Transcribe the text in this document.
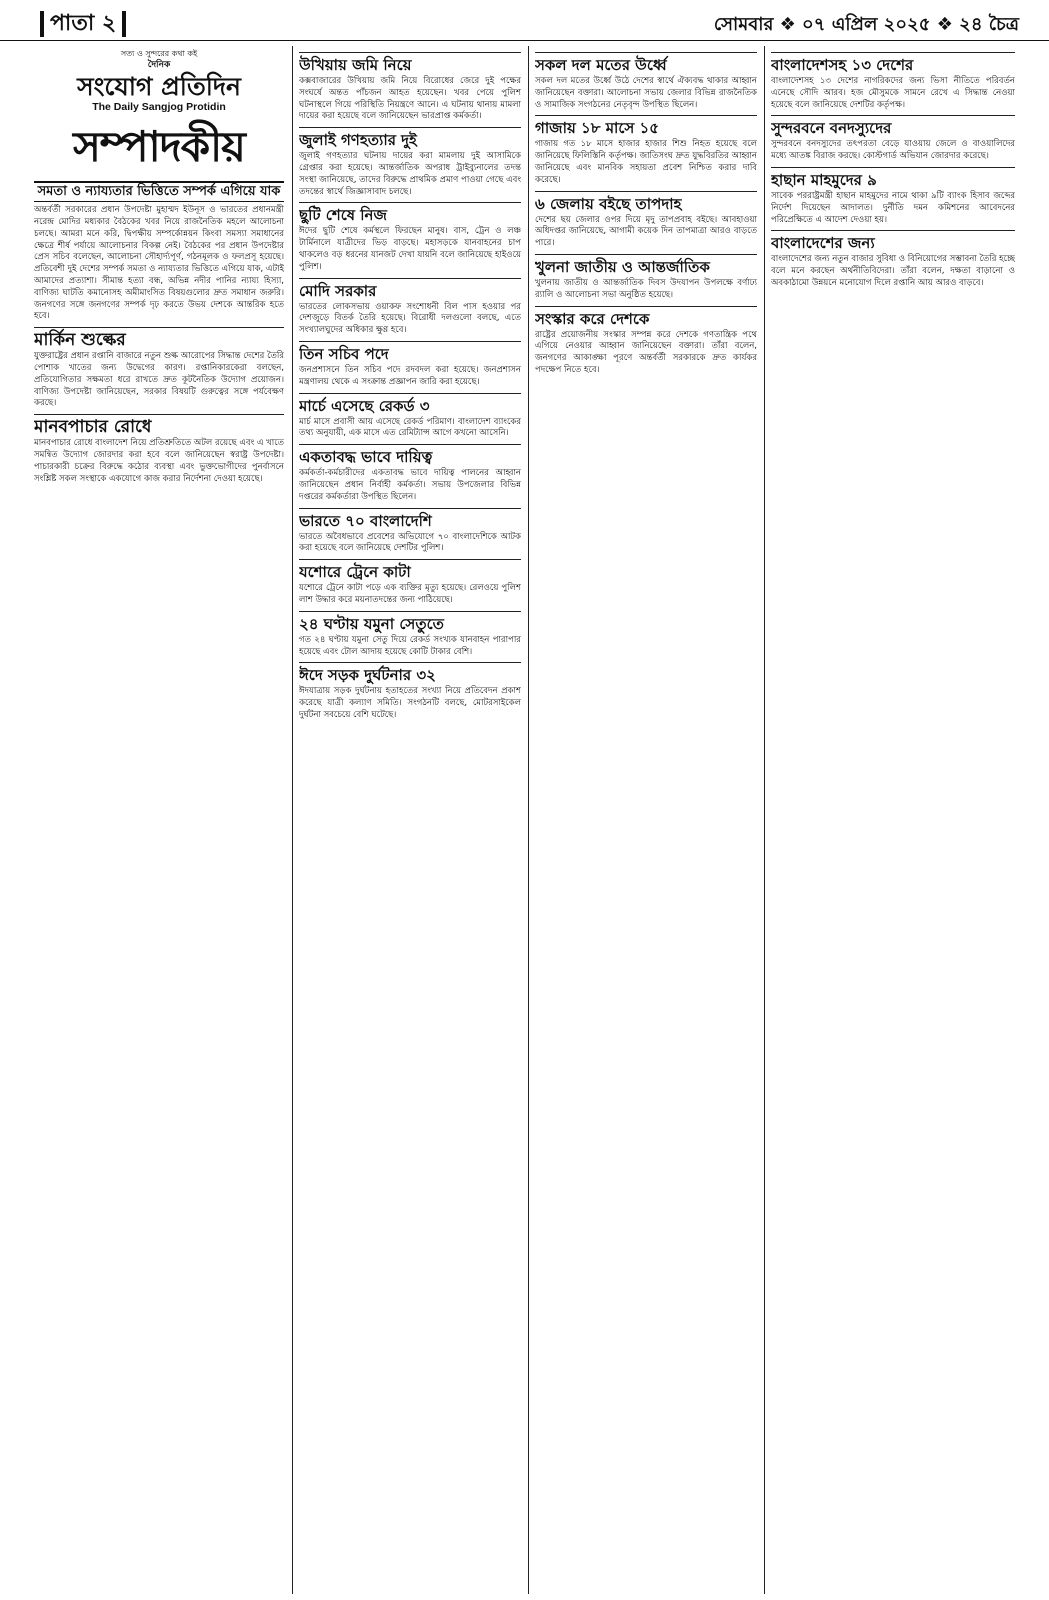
পাতা ২	সোমবার ❖ ০৭ এপ্রিল ২০২৫ ❖ ২৪ চৈত্র
সত্য ও সুন্দরের কথা কই
দৈনিক
সংযোগ প্রতিদিন
The Daily Sangjog Protidin
সম্পাদকীয়
সমতা ও ন্যায্যতার ভিত্তিতে সম্পর্ক এগিয়ে যাক

অন্তর্বর্তী সরকারের প্রধান উপদেষ্টা মুহাম্মদ ইউনূস ও ভারতের প্রধানমন্ত্রী নরেন্দ্র মোদির মধ্যকার বৈঠকের খবর নিয়ে রাজনৈতিক মহলে আলোচনা চলছে। আমরা মনে করি, দ্বিপক্ষীয় সম্পর্কোন্নয়ন কিংবা সমস্যা সমাধানের ক্ষেত্রে শীর্ষ পর্যায়ে আলোচনার বিকল্প নেই। বৈঠকের পর প্রধান উপদেষ্টার প্রেস সচিব বলেছেন, আলোচনা সৌহার্দ্যপূর্ণ, গঠনমূলক ও ফলপ্রসূ হয়েছে। প্রতিবেশী দুই দেশের সম্পর্ক সমতা ও ন্যায্যতার ভিত্তিতে এগিয়ে যাক, এটাই আমাদের প্রত্যাশা। সীমান্ত হত্যা বন্ধ, অভিন্ন নদীর পানির ন্যায্য হিস্যা, বাণিজ্য ঘাটতি কমানোসহ অমীমাংসিত বিষয়গুলোর দ্রুত সমাধান জরুরি। জনগণের সঙ্গে জনগণের সম্পর্ক দৃঢ় করতে উভয় দেশকে আন্তরিক হতে হবে।

মার্কিন শুল্কের

যুক্তরাষ্ট্রের প্রধান রপ্তানি বাজারে নতুন শুল্ক আরোপের সিদ্ধান্ত দেশের তৈরি পোশাক খাতের জন্য উদ্বেগের কারণ। রপ্তানিকারকেরা বলছেন, প্রতিযোগিতার সক্ষমতা ধরে রাখতে দ্রুত কূটনৈতিক উদ্যোগ প্রয়োজন। বাণিজ্য উপদেষ্টা জানিয়েছেন, সরকার বিষয়টি গুরুত্বের সঙ্গে পর্যবেক্ষণ করছে।

মানবপাচার রোধে

মানবপাচার রোধে বাংলাদেশ নিয়ে প্রতিশ্রুতিতে অটল রয়েছে এবং এ খাতে সমন্বিত উদ্যোগ জোরদার করা হবে বলে জানিয়েছেন স্বরাষ্ট্র উপদেষ্টা। পাচারকারী চক্রের বিরুদ্ধে কঠোর ব্যবস্থা এবং ভুক্তভোগীদের পুনর্বাসনে সংশ্লিষ্ট সকল সংস্থাকে একযোগে কাজ করার নির্দেশনা দেওয়া হয়েছে।

উখিয়ায় জমি নিয়ে

কক্সবাজারের উখিয়ায় জমি নিয়ে বিরোধের জেরে দুই পক্ষের সংঘর্ষে অন্তত পাঁচজন আহত হয়েছেন। খবর পেয়ে পুলিশ ঘটনাস্থলে গিয়ে পরিস্থিতি নিয়ন্ত্রণে আনে। এ ঘটনায় থানায় মামলা দায়ের করা হয়েছে বলে জানিয়েছেন ভারপ্রাপ্ত কর্মকর্তা।

জুলাই গণহত্যার দুই

জুলাই গণহত্যার ঘটনায় দায়ের করা মামলায় দুই আসামিকে গ্রেপ্তার করা হয়েছে। আন্তর্জাতিক অপরাধ ট্রাইব্যুনালের তদন্ত সংস্থা জানিয়েছে, তাদের বিরুদ্ধে প্রাথমিক প্রমাণ পাওয়া গেছে এবং তদন্তের স্বার্থে জিজ্ঞাসাবাদ চলছে।

ছুটি শেষে নিজ

ঈদের ছুটি শেষে কর্মস্থলে ফিরছেন মানুষ। বাস, ট্রেন ও লঞ্চ টার্মিনালে যাত্রীদের ভিড় বাড়ছে। মহাসড়কে যানবাহনের চাপ থাকলেও বড় ধরনের যানজট দেখা যায়নি বলে জানিয়েছে হাইওয়ে পুলিশ।

মোদি সরকার

ভারতের লোকসভায় ওয়াকফ সংশোধনী বিল পাস হওয়ার পর দেশজুড়ে বিতর্ক তৈরি হয়েছে। বিরোধী দলগুলো বলছে, এতে সংখ্যালঘুদের অধিকার ক্ষুণ্ণ হবে।

তিন সচিব পদে

জনপ্রশাসনে তিন সচিব পদে রদবদল করা হয়েছে। জনপ্রশাসন মন্ত্রণালয় থেকে এ সংক্রান্ত প্রজ্ঞাপন জারি করা হয়েছে।

মার্চে এসেছে রেকর্ড ৩

মার্চ মাসে প্রবাসী আয় এসেছে রেকর্ড পরিমাণ। বাংলাদেশ ব্যাংকের তথ্য অনুযায়ী, এক মাসে এত রেমিট্যান্স আগে কখনো আসেনি।

একতাবদ্ধ ভাবে দায়িত্ব

কর্মকর্তা-কর্মচারীদের একতাবদ্ধ ভাবে দায়িত্ব পালনের আহ্বান জানিয়েছেন প্রধান নির্বাহী কর্মকর্তা। সভায় উপজেলার বিভিন্ন দপ্তরের কর্মকর্তারা উপস্থিত ছিলেন।

ভারতে ৭০ বাংলাদেশি

ভারতে অবৈধভাবে প্রবেশের অভিযোগে ৭০ বাংলাদেশিকে আটক করা হয়েছে বলে জানিয়েছে দেশটির পুলিশ।

যশোরে ট্রেনে কাটা

যশোরে ট্রেনে কাটা পড়ে এক ব্যক্তির মৃত্যু হয়েছে। রেলওয়ে পুলিশ লাশ উদ্ধার করে ময়নাতদন্তের জন্য পাঠিয়েছে।

২৪ ঘণ্টায় যমুনা সেতুতে

গত ২৪ ঘণ্টায় যমুনা সেতু দিয়ে রেকর্ড সংখ্যক যানবাহন পারাপার হয়েছে এবং টোল আদায় হয়েছে কোটি টাকার বেশি।

ঈদে সড়ক দুর্ঘটনার ৩২

ঈদযাত্রায় সড়ক দুর্ঘটনায় হতাহতের সংখ্যা নিয়ে প্রতিবেদন প্রকাশ করেছে যাত্রী কল্যাণ সমিতি। সংগঠনটি বলছে, মোটরসাইকেল দুর্ঘটনা সবচেয়ে বেশি ঘটেছে।

সকল দল মতের উর্ধ্বে

সকল দল মতের উর্ধ্বে উঠে দেশের স্বার্থে ঐক্যবদ্ধ থাকার আহ্বান জানিয়েছেন বক্তারা। আলোচনা সভায় জেলার বিভিন্ন রাজনৈতিক ও সামাজিক সংগঠনের নেতৃবৃন্দ উপস্থিত ছিলেন।

গাজায় ১৮ মাসে ১৫

গাজায় গত ১৮ মাসে হাজার হাজার শিশু নিহত হয়েছে বলে জানিয়েছে ফিলিস্তিনি কর্তৃপক্ষ। জাতিসংঘ দ্রুত যুদ্ধবিরতির আহ্বান জানিয়েছে এবং মানবিক সহায়তা প্রবেশ নিশ্চিত করার দাবি করেছে।

৬ জেলায় বইছে তাপদাহ

দেশের ছয় জেলার ওপর দিয়ে মৃদু তাপপ্রবাহ বইছে। আবহাওয়া অধিদপ্তর জানিয়েছে, আগামী কয়েক দিন তাপমাত্রা আরও বাড়তে পারে।

খুলনা জাতীয় ও আন্তর্জাতিক

খুলনায় জাতীয় ও আন্তর্জাতিক দিবস উদযাপন উপলক্ষে বর্ণাঢ্য র‍্যালি ও আলোচনা সভা অনুষ্ঠিত হয়েছে।

সংস্কার করে দেশকে

রাষ্ট্রের প্রয়োজনীয় সংস্কার সম্পন্ন করে দেশকে গণতান্ত্রিক পথে এগিয়ে নেওয়ার আহ্বান জানিয়েছেন বক্তারা। তাঁরা বলেন, জনগণের আকাঙ্ক্ষা পূরণে অন্তর্বর্তী সরকারকে দ্রুত কার্যকর পদক্ষেপ নিতে হবে।

বাংলাদেশসহ ১৩ দেশের

বাংলাদেশসহ ১৩ দেশের নাগরিকদের জন্য ভিসা নীতিতে পরিবর্তন এনেছে সৌদি আরব। হজ মৌসুমকে সামনে রেখে এ সিদ্ধান্ত নেওয়া হয়েছে বলে জানিয়েছে দেশটির কর্তৃপক্ষ।

সুন্দরবনে বনদস্যুদের

সুন্দরবনে বনদস্যুদের তৎপরতা বেড়ে যাওয়ায় জেলে ও বাওয়ালিদের মধ্যে আতঙ্ক বিরাজ করছে। কোস্টগার্ড অভিযান জোরদার করেছে।

হাছান মাহমুদের ৯

সাবেক পররাষ্ট্রমন্ত্রী হাছান মাহমুদের নামে থাকা ৯টি ব্যাংক হিসাব জব্দের নির্দেশ দিয়েছেন আদালত। দুর্নীতি দমন কমিশনের আবেদনের পরিপ্রেক্ষিতে এ আদেশ দেওয়া হয়।

বাংলাদেশের জন্য

বাংলাদেশের জন্য নতুন বাজার সুবিধা ও বিনিয়োগের সম্ভাবনা তৈরি হচ্ছে বলে মনে করছেন অর্থনীতিবিদেরা। তাঁরা বলেন, দক্ষতা বাড়ানো ও অবকাঠামো উন্নয়নে মনোযোগ দিলে রপ্তানি আয় আরও বাড়বে।
